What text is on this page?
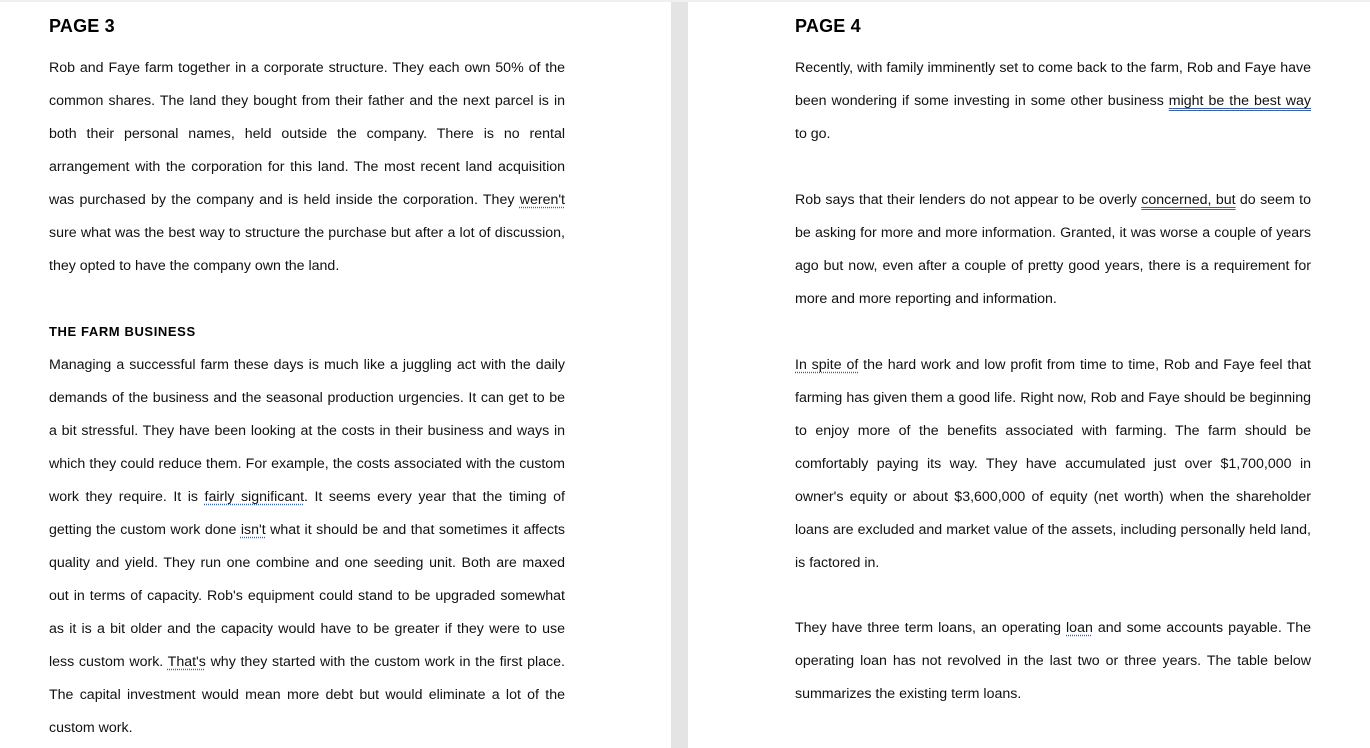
PAGE 3

Rob and Faye farm together in a corporate structure. They each own 50% of the common shares. The land they bought from their father and the next parcel is in both their personal names, held outside the company. There is no rental arrangement with the corporation for this land. The most recent land acquisition was purchased by the company and is held inside the corporation. They weren't sure what was the best way to structure the purchase but after a lot of discussion, they opted to have the company own the land.

THE FARM BUSINESS

Managing a successful farm these days is much like a juggling act with the daily demands of the business and the seasonal production urgencies. It can get to be a bit stressful. They have been looking at the costs in their business and ways in which they could reduce them. For example, the costs associated with the custom work they require. It is fairly significant. It seems every year that the timing of getting the custom work done isn't what it should be and that sometimes it affects quality and yield. They run one combine and one seeding unit. Both are maxed out in terms of capacity. Rob's equipment could stand to be upgraded somewhat as it is a bit older and the capacity would have to be greater if they were to use less custom work. That's why they started with the custom work in the first place. The capital investment would mean more debt but would eliminate a lot of the custom work.

PAGE 4

Recently, with family imminently set to come back to the farm, Rob and Faye have been wondering if some investing in some other business might be the best way to go.

Rob says that their lenders do not appear to be overly concerned, but do seem to be asking for more and more information. Granted, it was worse a couple of years ago but now, even after a couple of pretty good years, there is a requirement for more and more reporting and information.

In spite of the hard work and low profit from time to time, Rob and Faye feel that farming has given them a good life. Right now, Rob and Faye should be beginning to enjoy more of the benefits associated with farming. The farm should be comfortably paying its way. They have accumulated just over $1,700,000 in owner's equity or about $3,600,000 of equity (net worth) when the shareholder loans are excluded and market value of the assets, including personally held land, is factored in.

They have three term loans, an operating loan and some accounts payable. The operating loan has not revolved in the last two or three years. The table below summarizes the existing term loans.
